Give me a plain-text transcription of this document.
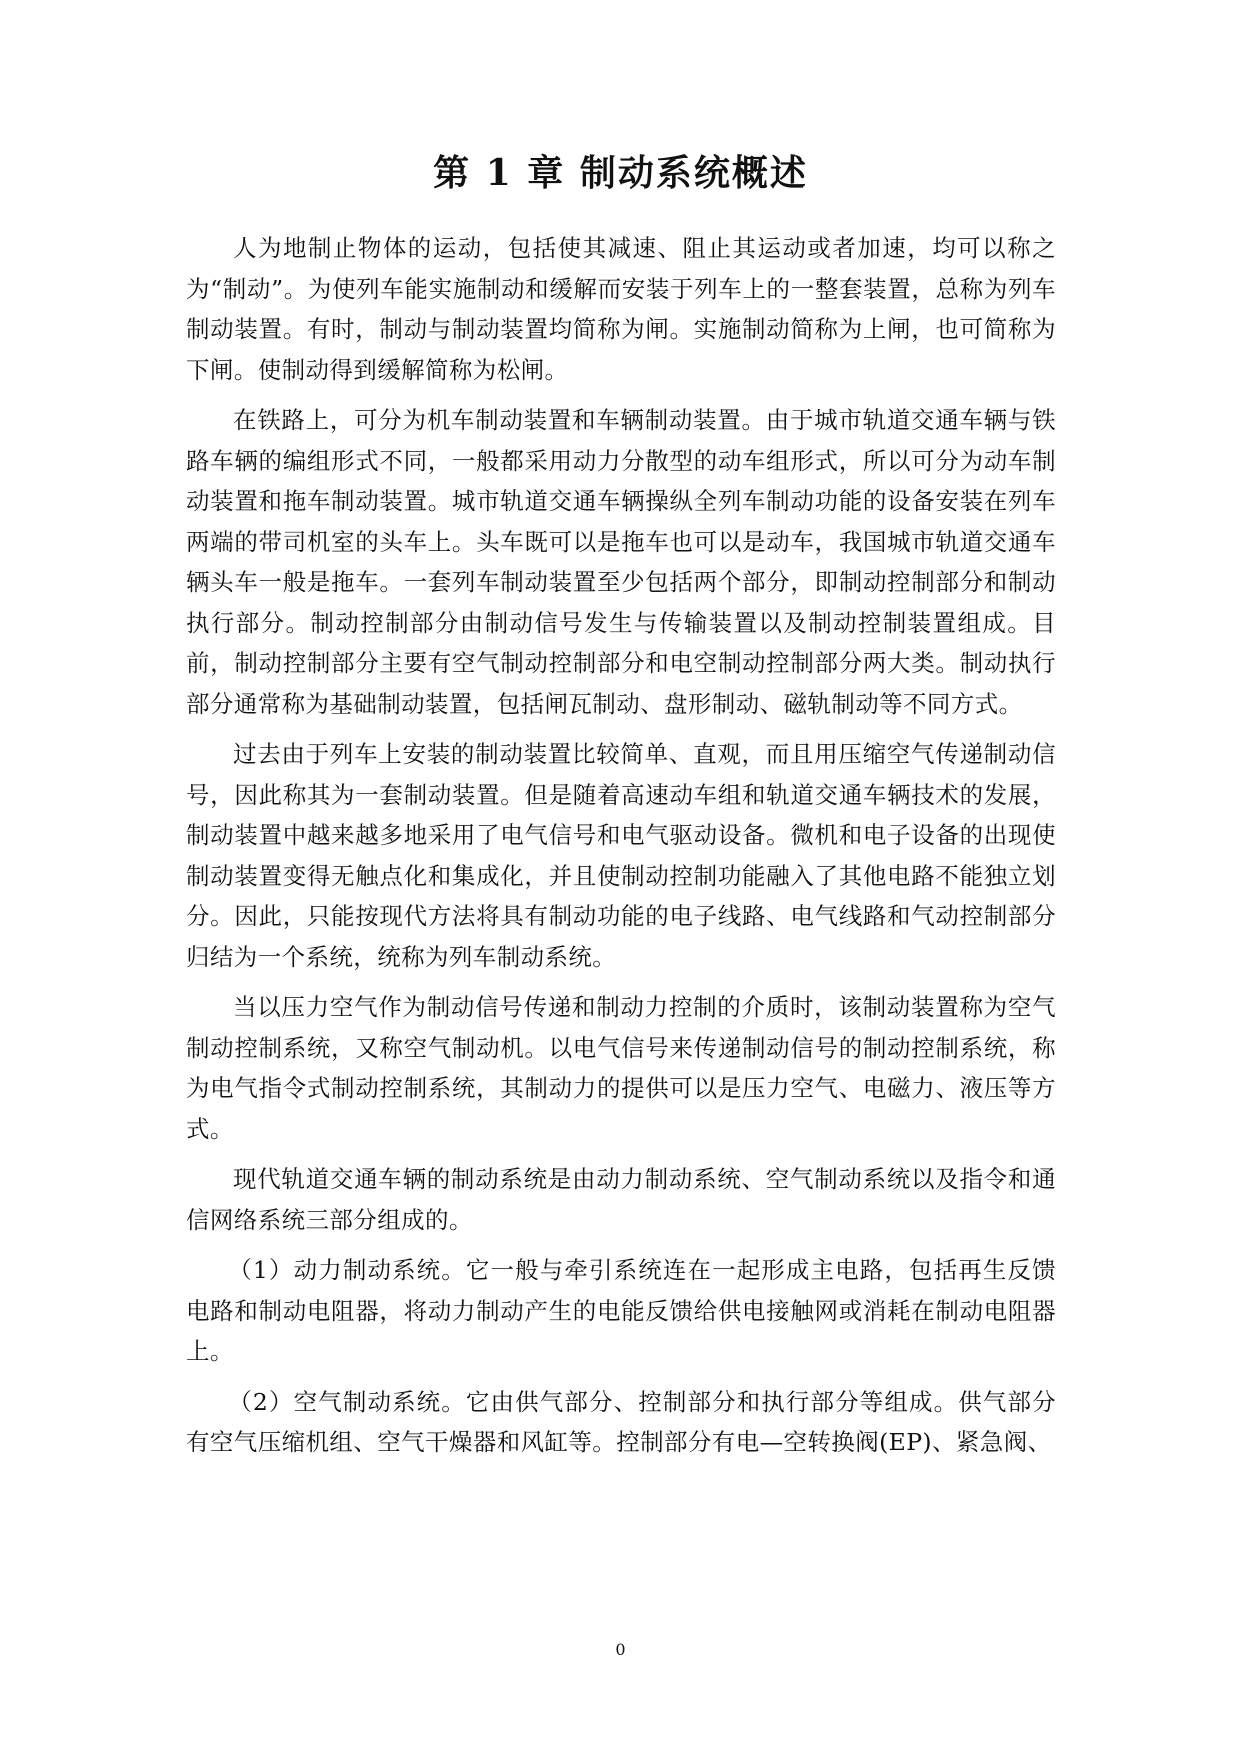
第 1 章 制动系统概述

人为地制止物体的运动，包括使其减速、阻止其运动或者加速，均可以称之为“制动”。为使列车能实施制动和缓解而安装于列车上的一整套装置，总称为列车制动装置。有时，制动与制动装置均简称为闸。实施制动简称为上闸，也可简称为下闸。使制动得到缓解简称为松闸。

在铁路上，可分为机车制动装置和车辆制动装置。由于城市轨道交通车辆与铁路车辆的编组形式不同，一般都采用动力分散型的动车组形式，所以可分为动车制动装置和拖车制动装置。城市轨道交通车辆操纵全列车制动功能的设备安装在列车两端的带司机室的头车上。头车既可以是拖车也可以是动车，我国城市轨道交通车辆头车一般是拖车。一套列车制动装置至少包括两个部分，即制动控制部分和制动执行部分。制动控制部分由制动信号发生与传输装置以及制动控制装置组成。目前，制动控制部分主要有空气制动控制部分和电空制动控制部分两大类。制动执行部分通常称为基础制动装置，包括闸瓦制动、盘形制动、磁轨制动等不同方式。

过去由于列车上安装的制动装置比较简单、直观，而且用压缩空气传递制动信号，因此称其为一套制动装置。但是随着高速动车组和轨道交通车辆技术的发展，制动装置中越来越多地采用了电气信号和电气驱动设备。微机和电子设备的出现使制动装置变得无触点化和集成化，并且使制动控制功能融入了其他电路不能独立划分。因此，只能按现代方法将具有制动功能的电子线路、电气线路和气动控制部分归结为一个系统，统称为列车制动系统。

当以压力空气作为制动信号传递和制动力控制的介质时，该制动装置称为空气制动控制系统，又称空气制动机。以电气信号来传递制动信号的制动控制系统，称为电气指令式制动控制系统，其制动力的提供可以是压力空气、电磁力、液压等方式。

现代轨道交通车辆的制动系统是由动力制动系统、空气制动系统以及指令和通信网络系统三部分组成的。

（1）动力制动系统。它一般与牵引系统连在一起形成主电路，包括再生反馈电路和制动电阻器，将动力制动产生的电能反馈给供电接触网或消耗在制动电阻器上。

（2）空气制动系统。它由供气部分、控制部分和执行部分等组成。供气部分有空气压缩机组、空气干燥器和风缸等。控制部分有电—空转换阀(EP)、紧急阀、

0
